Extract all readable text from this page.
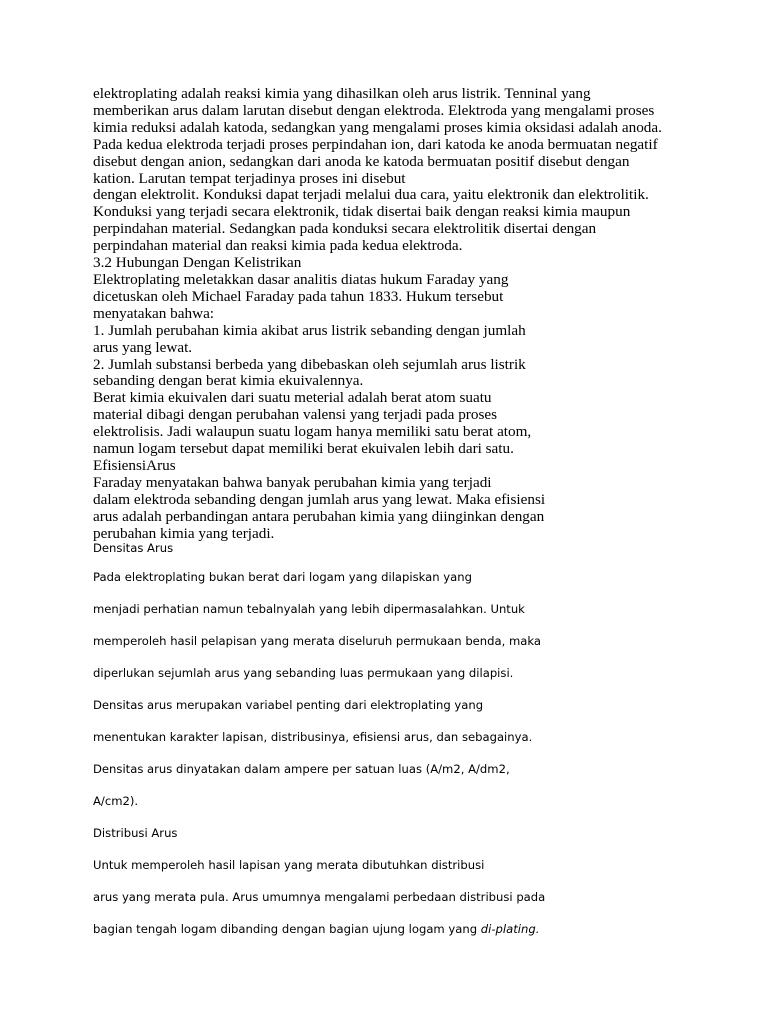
elektroplating adalah reaksi kimia yang dihasilkan oleh arus listrik. Tenninal yang
memberikan arus dalam larutan disebut dengan elektroda. Elektroda yang mengalami proses
kimia reduksi adalah katoda, sedangkan yang mengalami proses kimia oksidasi adalah anoda.
Pada kedua elektroda terjadi proses perpindahan ion, dari katoda ke anoda bermuatan negatif
disebut dengan anion, sedangkan dari anoda ke katoda bermuatan positif disebut dengan
kation. Larutan tempat terjadinya proses ini disebut
dengan elektrolit. Konduksi dapat terjadi melalui dua cara, yaitu elektronik dan elektrolitik.
Konduksi yang terjadi secara elektronik, tidak disertai baik dengan reaksi kimia maupun
perpindahan material. Sedangkan pada konduksi secara elektrolitik disertai dengan
perpindahan material dan reaksi kimia pada kedua elektroda.
3.2 Hubungan Dengan Kelistrikan
Elektroplating meletakkan dasar analitis diatas hukum Faraday yang
dicetuskan oleh Michael Faraday pada tahun 1833. Hukum tersebut
menyatakan bahwa:
1. Jumlah perubahan kimia akibat arus listrik sebanding dengan jumlah
arus yang lewat.
2. Jumlah substansi berbeda yang dibebaskan oleh sejumlah arus listrik
sebanding dengan berat kimia ekuivalennya.
Berat kimia ekuivalen dari suatu meterial adalah berat atom suatu
material dibagi dengan perubahan valensi yang terjadi pada proses
elektrolisis. Jadi walaupun suatu logam hanya memiliki satu berat atom,
namun logam tersebut dapat memiliki berat ekuivalen lebih dari satu.
EfisiensiArus
Faraday menyatakan bahwa banyak perubahan kimia yang terjadi
dalam elektroda sebanding dengan jumlah arus yang lewat. Maka efisiensi
arus adalah perbandingan antara perubahan kimia yang diinginkan dengan
perubahan kimia yang terjadi.
Densitas Arus
Pada elektroplating bukan berat dari logam yang dilapiskan yang
menjadi perhatian namun tebalnyalah yang lebih dipermasalahkan. Untuk
memperoleh hasil pelapisan yang merata diseluruh permukaan benda, maka
diperlukan sejumlah arus yang sebanding luas permukaan yang dilapisi.
Densitas arus merupakan variabel penting dari elektroplating yang
menentukan karakter lapisan, distribusinya, efisiensi arus, dan sebagainya.
Densitas arus dinyatakan dalam ampere per satuan luas (A/m2, A/dm2,
A/cm2).
Distribusi Arus
Untuk memperoleh hasil lapisan yang merata dibutuhkan distribusi
arus yang merata pula. Arus umumnya mengalami perbedaan distribusi pada
bagian tengah logam dibanding dengan bagian ujung logam yang di-plating.
